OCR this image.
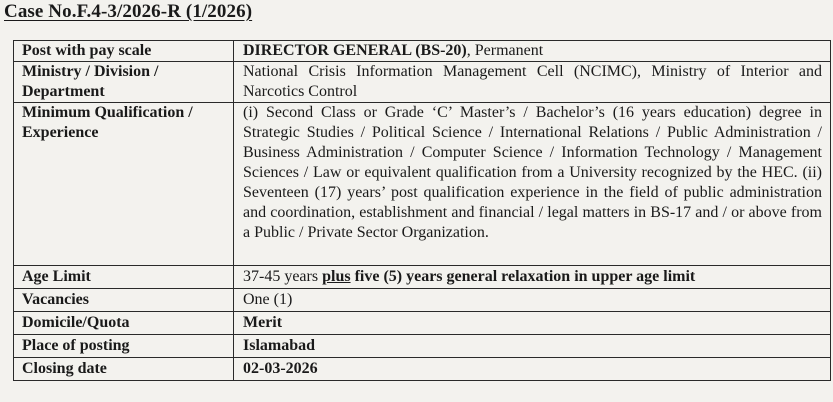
Case No.F.4-3/2026-R (1/2026)
Post with pay scale	DIRECTOR GENERAL (BS-20), Permanent
Ministry / Division / Department	National Crisis Information Management Cell (NCIMC), Ministry of Interior and Narcotics Control
Minimum Qualification / Experience	(i) Second Class or Grade ‘C’ Master’s / Bachelor’s (16 years education) degree in Strategic Studies / Political Science / International Relations / Public Administration / Business Administration / Computer Science / Information Technology / Management Sciences / Law or equivalent qualification from a University recognized by the HEC. (ii) Seventeen (17) years’ post qualification experience in the field of public administration and coordination, establishment and financial / legal matters in BS-17 and / or above from a Public / Private Sector Organization.
Age Limit	37-45 years plus five (5) years general relaxation in upper age limit
Vacancies	One (1)
Domicile/Quota	Merit
Place of posting	Islamabad
Closing date	02-03-2026
